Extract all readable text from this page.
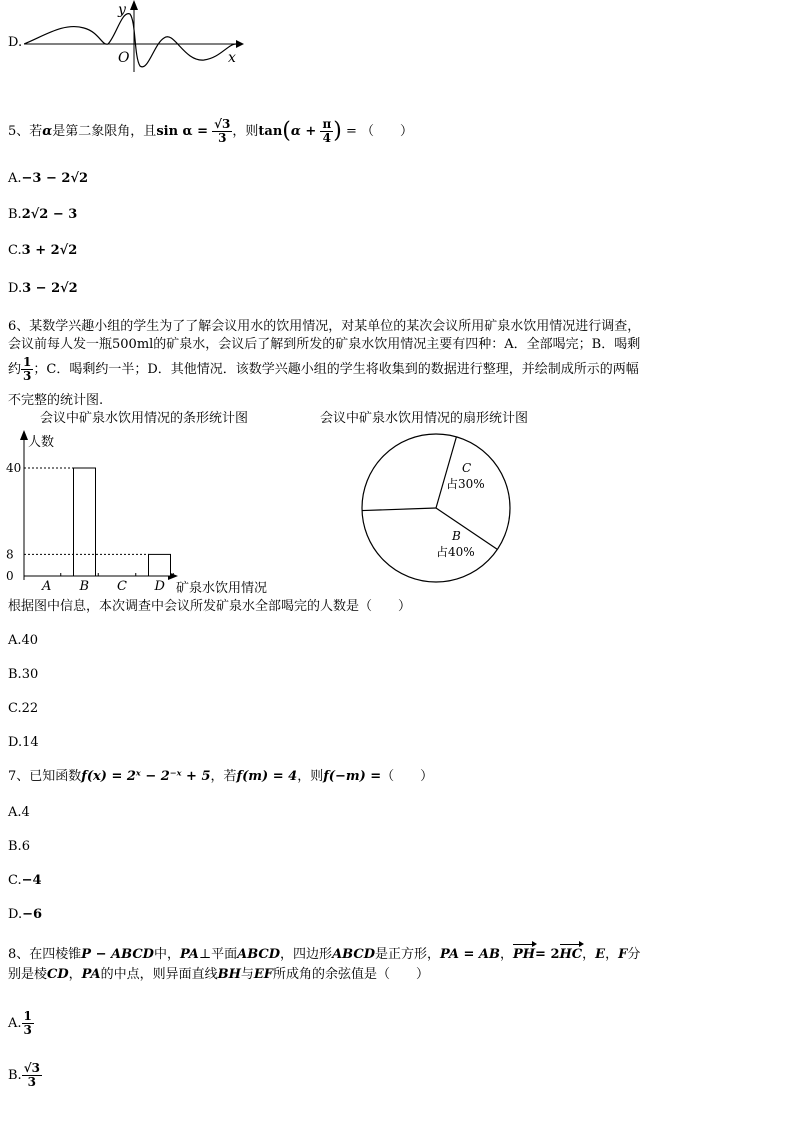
D.
y
x
O
5、若α是第二象限角，且$\sin \alpha = \frac{√3}{3}$ ，则$\tan(\alpha + \frac{\pi}{4}$ ) = （　　）
A.−3 − 2√2
B.2√2 − 3
C.3 + 2√2
D.3 − 2√2
6、某数学兴趣小组的学生为了了解会议用水的饮用情况，对某单位的某次会议所用矿泉水饮用情况进行调查，
会议前每人发一瓶500ml的矿泉水，会议后了解到所发的矿泉水饮用情况主要有四种：A．全部喝完；B．喝剩
约 $\frac{1}{3}$ ；C．喝剩约一半；D．其他情况．该数学兴趣小组的学生将收集到的数据进行整理，并绘制成所示的两幅
不完整的统计图.
会议中矿泉水饮用情况的条形统计图	会议中矿泉水饮用情况的扇形统计图
人数
矿泉水饮用情况
0
8
40
A B C D
C
占30%
B
占40%
根据图中信息，本次调查中会议所发矿泉水全部喝完的人数是（　　）
A.40
B.30
C.22
D.14
7、已知函数f(x) = 2ˣ − 2⁻ˣ + 5，若f(m) = 4，则f(−m) =（　　）
A.4
B.6
C.−4
D.−6
8、在四棱锥P − ABCD中，PA⊥平面ABCD，四边形ABCD是正方形，PA = AB，PH= 2HC，E，F分
别是棱CD，PA的中点，则异面直线BH与EF所成角的余弦值是（　　）
A. $\frac{1}{3}$
B. $\frac{√3}{3}$
